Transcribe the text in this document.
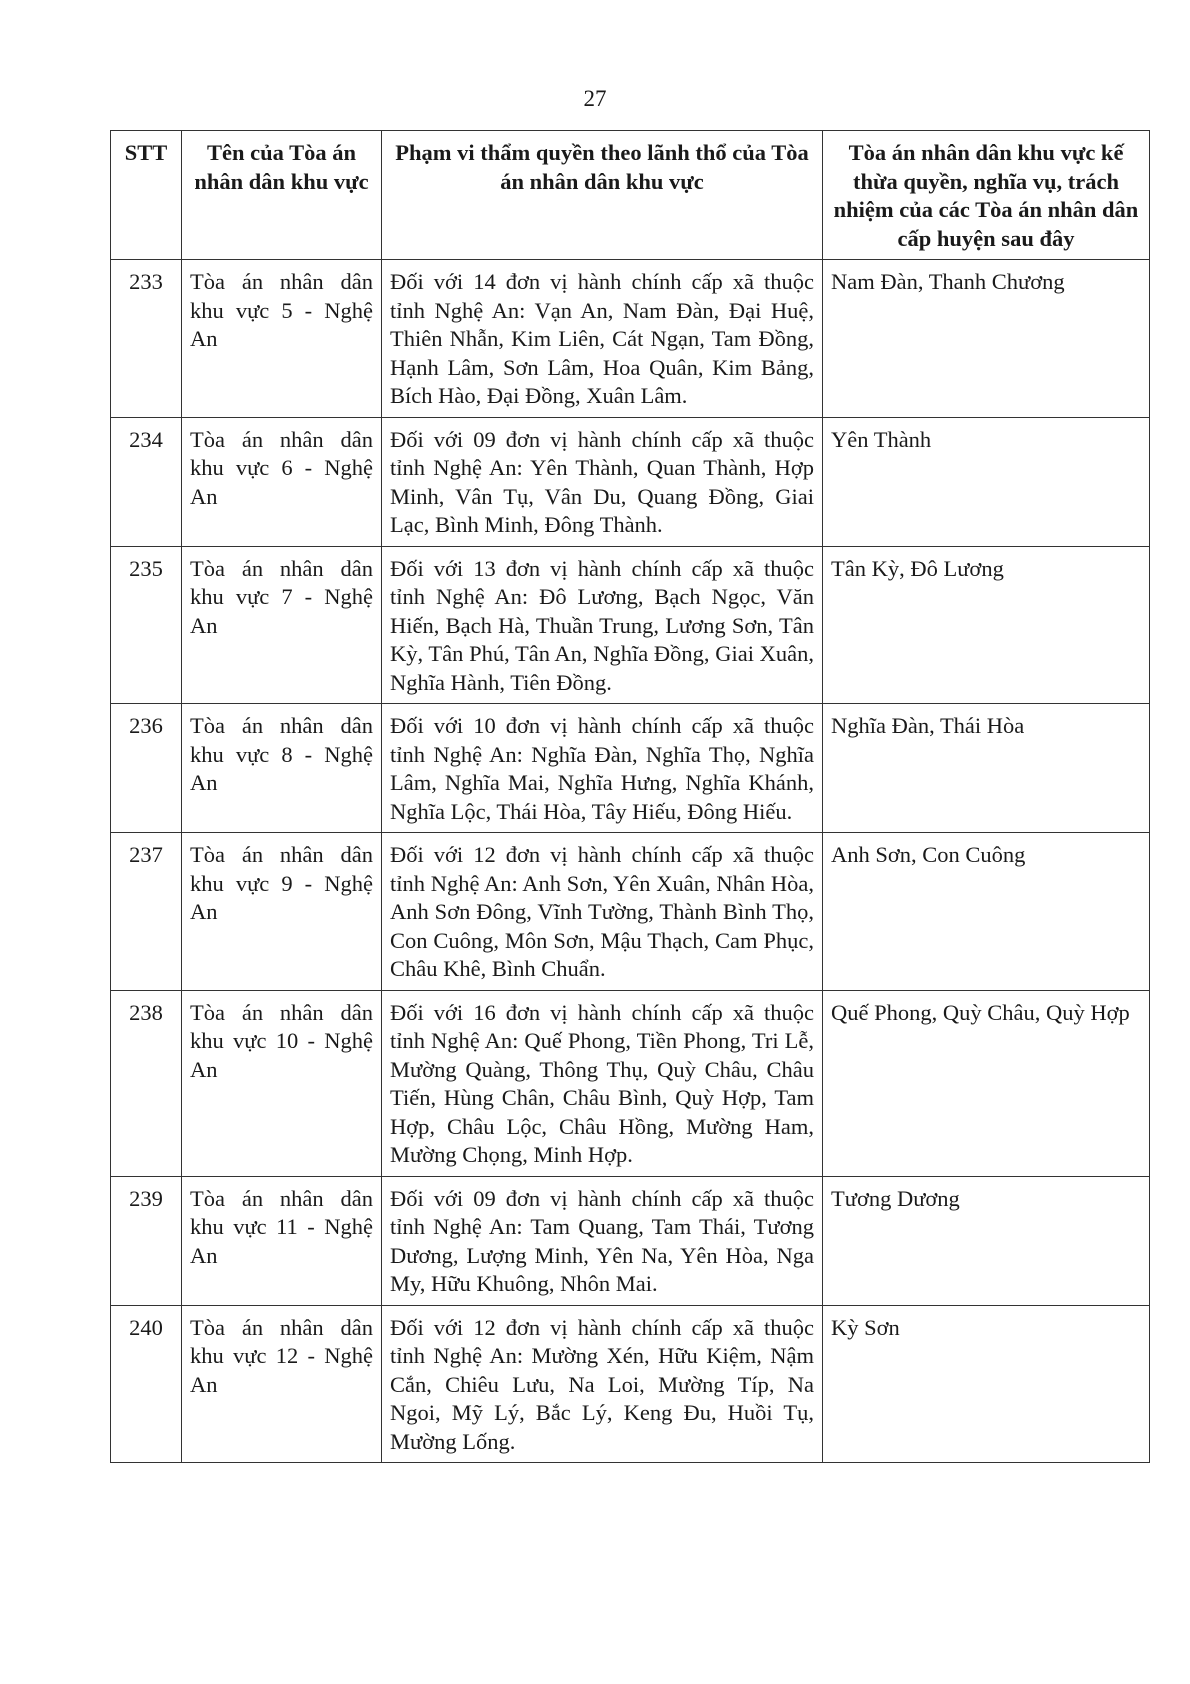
27
STT	Tên của Tòa án nhân dân khu vực	Phạm vi thẩm quyền theo lãnh thổ của Tòa án nhân dân khu vực	Tòa án nhân dân khu vực kế thừa quyền, nghĩa vụ, trách nhiệm của các Tòa án nhân dân cấp huyện sau đây
233	Tòa án nhân dân khu vực 5 - Nghệ An	Đối với 14 đơn vị hành chính cấp xã thuộc tỉnh Nghệ An: Vạn An, Nam Đàn, Đại Huệ, Thiên Nhẫn, Kim Liên, Cát Ngạn, Tam Đồng, Hạnh Lâm, Sơn Lâm, Hoa Quân, Kim Bảng, Bích Hào, Đại Đồng, Xuân Lâm.	Nam Đàn, Thanh Chương
234	Tòa án nhân dân khu vực 6 - Nghệ An	Đối với 09 đơn vị hành chính cấp xã thuộc tỉnh Nghệ An: Yên Thành, Quan Thành, Hợp Minh, Vân Tụ, Vân Du, Quang Đồng, Giai Lạc, Bình Minh, Đông Thành.	Yên Thành
235	Tòa án nhân dân khu vực 7 - Nghệ An	Đối với 13 đơn vị hành chính cấp xã thuộc tỉnh Nghệ An: Đô Lương, Bạch Ngọc, Văn Hiến, Bạch Hà, Thuần Trung, Lương Sơn, Tân Kỳ, Tân Phú, Tân An, Nghĩa Đồng, Giai Xuân, Nghĩa Hành, Tiên Đồng.	Tân Kỳ, Đô Lương
236	Tòa án nhân dân khu vực 8 - Nghệ An	Đối với 10 đơn vị hành chính cấp xã thuộc tỉnh Nghệ An: Nghĩa Đàn, Nghĩa Thọ, Nghĩa Lâm, Nghĩa Mai, Nghĩa Hưng, Nghĩa Khánh, Nghĩa Lộc, Thái Hòa, Tây Hiếu, Đông Hiếu.	Nghĩa Đàn, Thái Hòa
237	Tòa án nhân dân khu vực 9 - Nghệ An	Đối với 12 đơn vị hành chính cấp xã thuộc tỉnh Nghệ An: Anh Sơn, Yên Xuân, Nhân Hòa, Anh Sơn Đông, Vĩnh Tường, Thành Bình Thọ, Con Cuông, Môn Sơn, Mậu Thạch, Cam Phục, Châu Khê, Bình Chuẩn.	Anh Sơn, Con Cuông
238	Tòa án nhân dân khu vực 10 - Nghệ An	Đối với 16 đơn vị hành chính cấp xã thuộc tỉnh Nghệ An: Quế Phong, Tiền Phong, Tri Lễ, Mường Quàng, Thông Thụ, Quỳ Châu, Châu Tiến, Hùng Chân, Châu Bình, Quỳ Hợp, Tam Hợp, Châu Lộc, Châu Hồng, Mường Ham, Mường Chọng, Minh Hợp.	Quế Phong, Quỳ Châu, Quỳ Hợp
239	Tòa án nhân dân khu vực 11 - Nghệ An	Đối với 09 đơn vị hành chính cấp xã thuộc tỉnh Nghệ An: Tam Quang, Tam Thái, Tương Dương, Lượng Minh, Yên Na, Yên Hòa, Nga My, Hữu Khuông, Nhôn Mai.	Tương Dương
240	Tòa án nhân dân khu vực 12 - Nghệ An	Đối với 12 đơn vị hành chính cấp xã thuộc tỉnh Nghệ An: Mường Xén, Hữu Kiệm, Nậm Cắn, Chiêu Lưu, Na Loi, Mường Típ, Na Ngoi, Mỹ Lý, Bắc Lý, Keng Đu, Huồi Tụ, Mường Lống.	Kỳ Sơn
